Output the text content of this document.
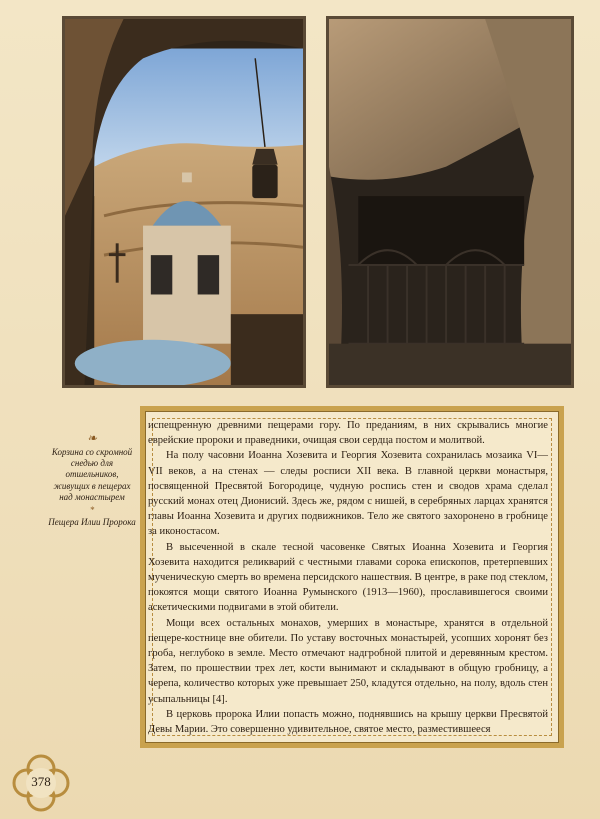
испещренную древними пещерами гору. По преданиям, в них скрывались многие еврейские пророки и праведники, очищая свои сердца постом и молитвой.

На полу часовни Иоанна Хозевита и Георгия Хозевита сохранилась мозаика VI—VII веков, а на стенах — следы росписи XII века. В главной церкви монастыря, посвященной Пресвятой Богородице, чудную роспись стен и сводов храма сделал русский монах отец Дионисий. Здесь же, рядом с нишей, в серебряных ларцах хранятся главы Иоанна Хозевита и других подвижников. Тело же святого захоронено в гробнице за иконостасом.

В высеченной в скале тесной часовенке Святых Иоанна Хозевита и Георгия Хозевита находится реликварий с честными главами сорока епископов, претерпевших мученическую смерть во времена персидского нашествия. В центре, в раке под стеклом, покоятся мощи святого Иоанна Румынского (1913—1960), прославившегося своими аскетическими подвигами в этой обители.

Мощи всех остальных монахов, умерших в монастыре, хранятся в отдельной пещере-костнице вне обители. По уставу восточных монастырей, усопших хоронят без гроба, неглубоко в земле. Место отмечают надгробной плитой и деревянным крестом. Затем, по прошествии трех лет, кости вынимают и складывают в общую гробницу, а черепа, количество которых уже превышает 250, кладутся отдельно, на полу, вдоль стен усыпальницы [4].

В церковь пророка Илии попасть можно, поднявшись на крышу церкви Пресвятой Девы Марии. Это совершенно удивительное, святое место, разместившееся

❧
Корзина со скромной снедью для отшельников, живущих в пещерах над монастырем
*
Пещера Илии Пророка
378
